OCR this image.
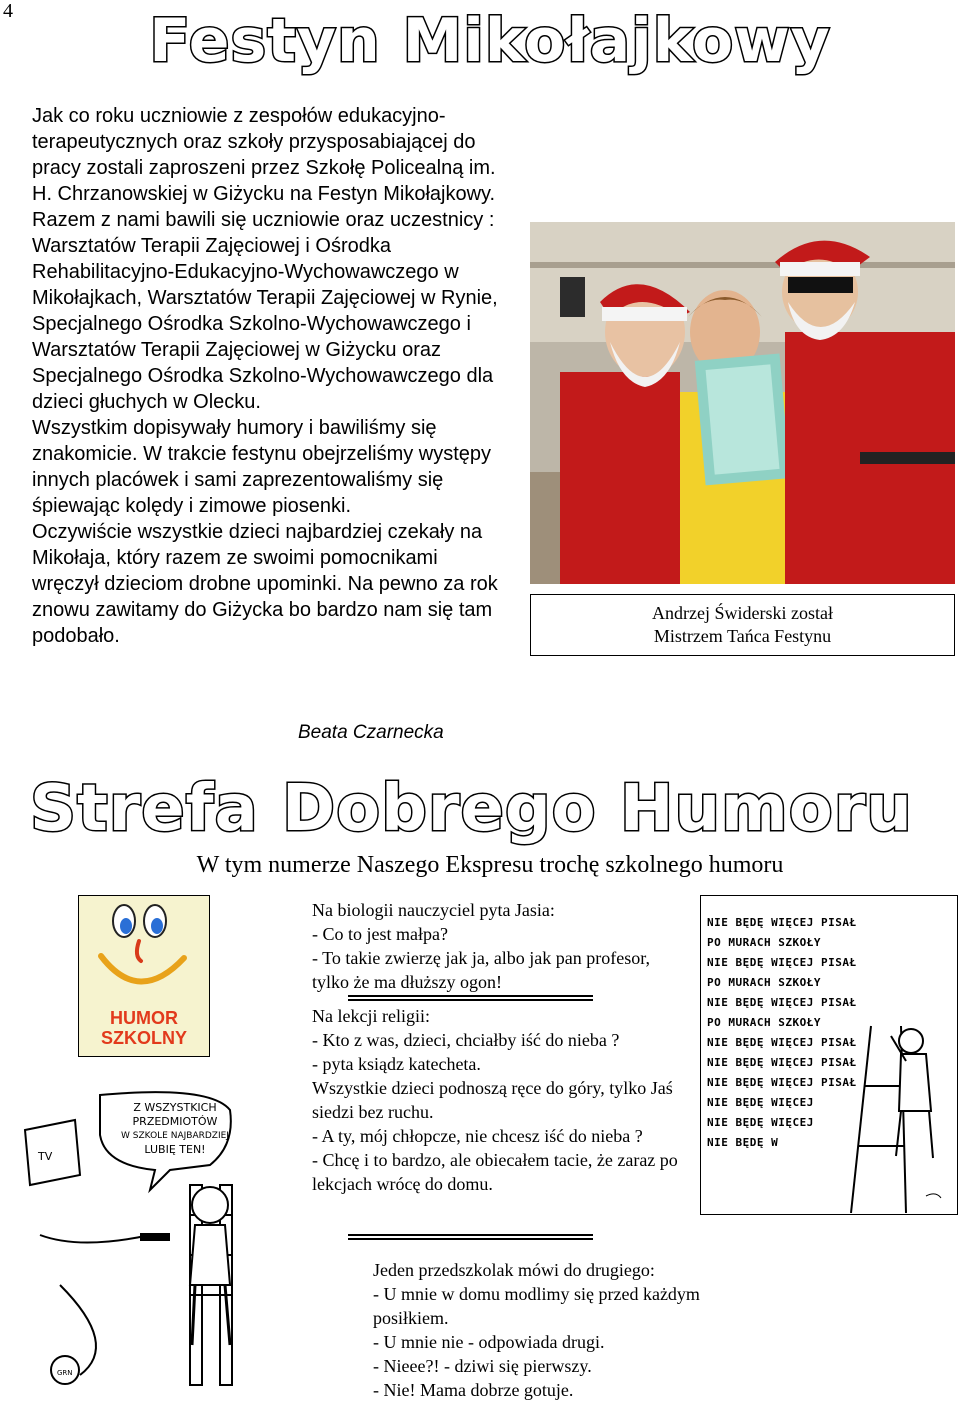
4	Festyn Mikołajkowy

Jak co roku uczniowie z zespołów edukacyjno-terapeutycznych oraz szkoły przysposabiającej do pracy zostali zaproszeni przez Szkołę Policealną im. H. Chrzanowskiej w Giżycku na Festyn Mikołajkowy. Razem z nami bawili się uczniowie oraz uczestnicy : Warsztatów Terapii Zajęciowej i Ośrodka Rehabilitacyjno-Edukacyjno-Wychowawczego w Mikołajkach, Warsztatów Terapii Zajęciowej w Rynie, Specjalnego Ośrodka Szkolno-Wychowawczego i Warsztatów Terapii Zajęciowej w Giżycku oraz Specjalnego Ośrodka Szkolno-Wychowawczego dla dzieci głuchych w Olecku.

Wszystkim dopisywały humory i bawiliśmy się znakomicie. W trakcie festynu obejrzeliśmy występy innych placówek i sami zaprezentowaliśmy się śpiewając kolędy i zimowe piosenki.

Oczywiście wszystkie dzieci najbardziej czekały na Mikołaja, który razem ze swoimi pomocnikami wręczył dzieciom drobne upominki. Na pewno za rok znowu zawitamy do Giżycka bo bardzo nam się tam podobało.

Beata Czarnecka
Andrzej Świderski został
Mistrzem Tańca Festynu
Strefa Dobrego Humoru
W tym numerze Naszego Ekspresu trochę szkolnego humoru
HUMOR
SZKOLNY
TV
GRN
Z WSZYSTKICH
PRZEDMIOTÓW
W SZKOLE NAJBARDZIEJ
LUBIĘ TEN!

Na biologii nauczyciel pyta Jasia:

- Co to jest małpa?

- To takie zwierzę jak ja, albo jak pan profesor, tylko że ma dłuższy ogon!

Na lekcji religii:

- Kto z was, dzieci, chciałby iść do nieba ?

- pyta ksiądz katecheta.

Wszystkie dzieci podnoszą ręce do góry, tylko Jaś siedzi bez ruchu.

- A ty, mój chłopcze, nie chcesz iść do nieba ?

- Chcę i to bardzo, ale obiecałem tacie, że zaraz po lekcjach wrócę do domu.

Jeden przedszkolak mówi do drugiego:

- U mnie w domu modlimy się przed każdym posiłkiem.

- U mnie nie - odpowiada drugi.

- Nieee?! - dziwi się pierwszy.

- Nie! Mama dobrze gotuje.

NIE BĘDĘ WIĘCEJ PISAŁ
PO MURACH SZKOŁY
NIE BĘDĘ WIĘCEJ PISAŁ
PO MURACH SZKOŁY
NIE BĘDĘ WIĘCEJ PISAŁ
PO MURACH SZKOŁY
NIE BĘDĘ WIĘCEJ PISAŁ
NIE BĘDĘ WIĘCEJ PISAŁ
NIE BĘDĘ WIĘCEJ PISAŁ
NIE BĘDĘ WIĘCEJ
NIE BĘDĘ WIĘCEJ
NIE BĘDĘ W
